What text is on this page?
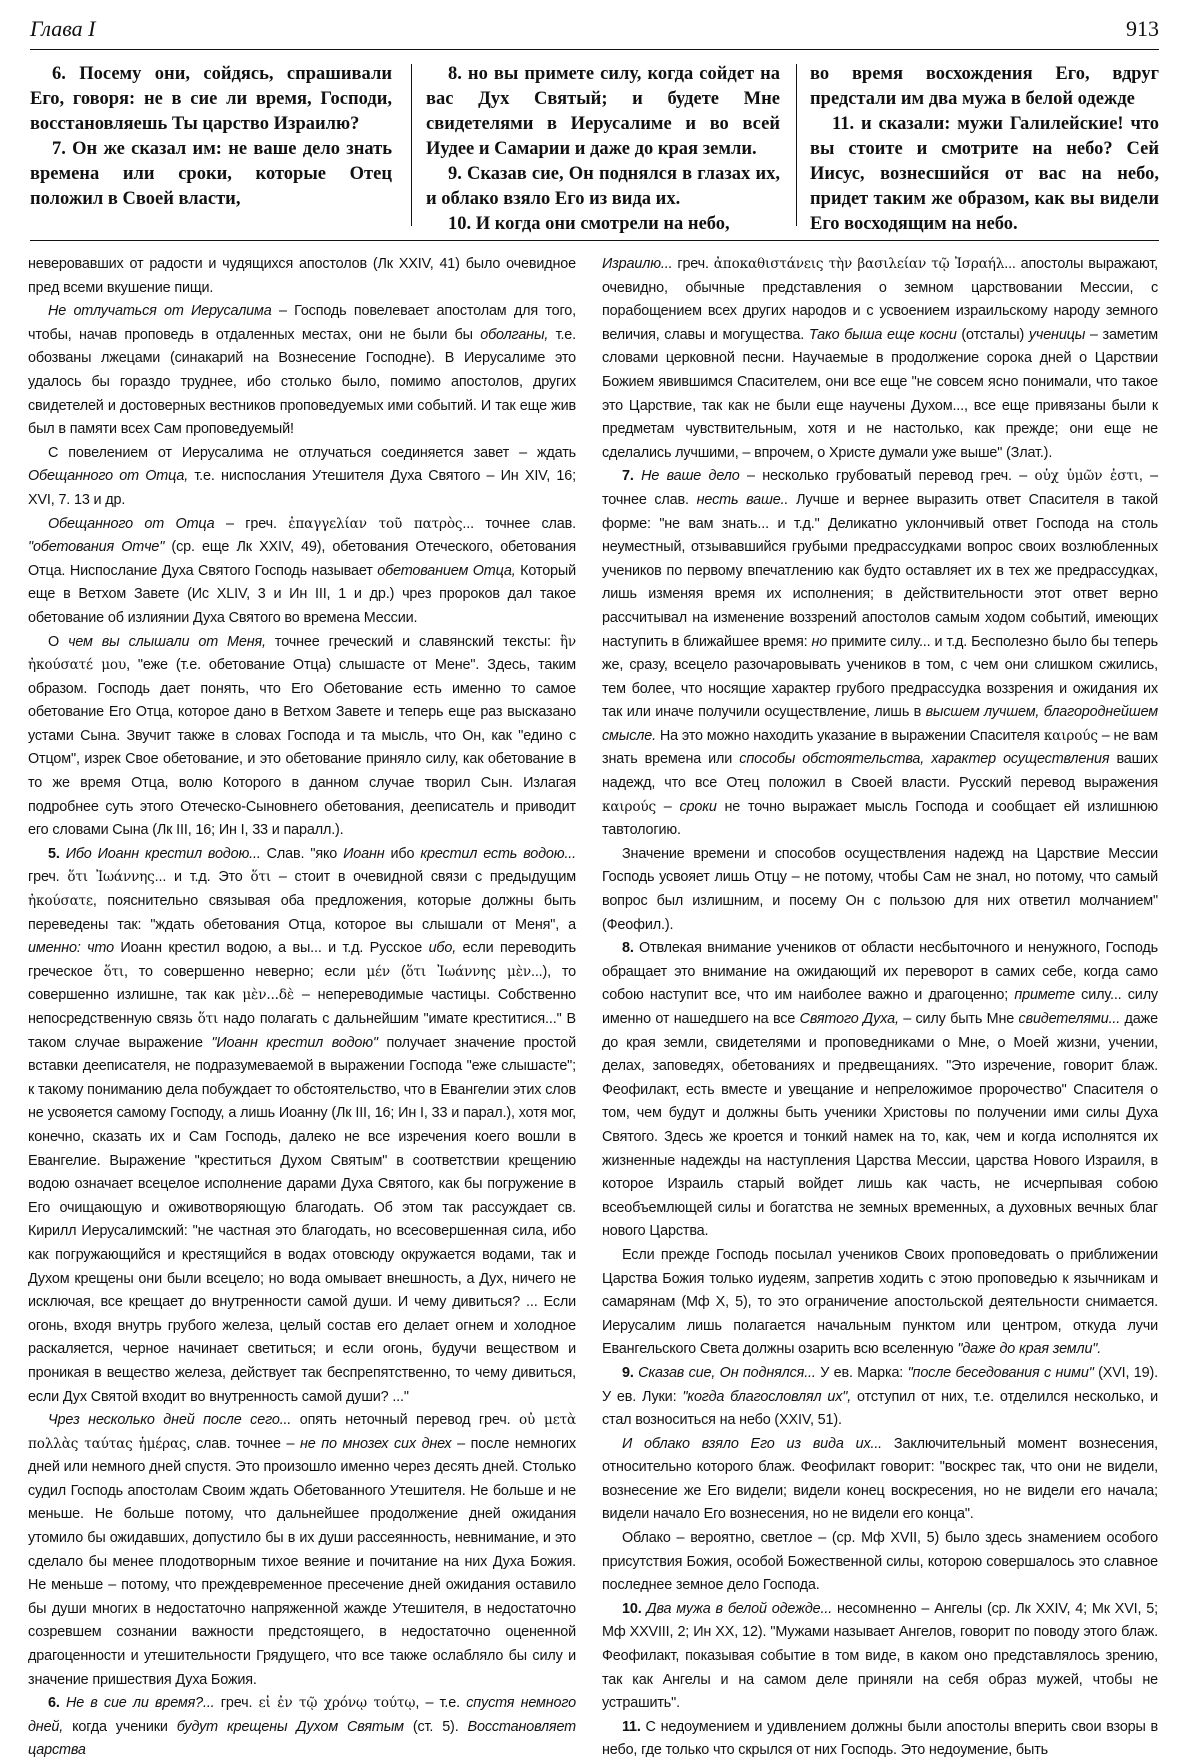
Глава I	913

6. Посему они, сойдясь, спрашивали Его, говоря: не в сие ли время, Господи, восстановляешь Ты царство Израилю?

7. Он же сказал им: не ваше дело знать времена или сроки, которые Отец положил в Своей власти,

8. но вы примете силу, когда сойдет на вас Дух Святый; и будете Мне свидетелями в Иерусалиме и во всей Иудее и Самарии и даже до края земли.

9. Сказав сие, Он поднялся в глазах их, и облако взяло Его из вида их.

10. И когда они смотрели на небо,

во время восхождения Его, вдруг предстали им два мужа в белой одежде

11. и сказали: мужи Галилейские! что вы стоите и смотрите на небо? Сей Иисус, вознесшийся от вас на небо, придет таким же образом, как вы видели Его восходящим на небо.

неверовавших от радости и чудящихся апостолов (Лк XXIV, 41) было очевидное пред всеми вкушение пищи.

Не отлучаться от Иерусалима – Господь повелевает апостолам для того, чтобы, начав проповедь в отдаленных местах, они не были бы оболганы, т.е. обозваны лжецами (синакарий на Вознесение Господне). В Иерусалиме это удалось бы гораздо труднее, ибо столько было, помимо апостолов, других свидетелей и достоверных вестников проповедуемых ими событий. И так еще жив был в памяти всех Сам проповедуемый!

С повелением от Иерусалима не отлучаться соединяется завет – ждать Обещанного от Отца, т.е. ниспослания Утешителя Духа Святого – Ин XIV, 16; XVI, 7. 13 и др.

Обещанного от Отца – греч. ἐπαγγελίαν τοῦ πατρὸς... точнее слав. "обетования Отче" (ср. еще Лк XXIV, 49), обетования Отеческого, обетования Отца. Ниспослание Духа Святого Господь называет обетованием Отца, Который еще в Ветхом Завете (Ис XLIV, 3 и Ин III, 1 и др.) чрез пророков дал такое обетование об излиянии Духа Святого во времена Мессии.

О чем вы слышали от Меня, точнее греческий и славянский тексты: ἣν ἠκούσατέ μου, "еже (т.е. обетование Отца) слышасте от Мене". Здесь, таким образом. Господь дает понять, что Его Обетование есть именно то самое обетование Его Отца, которое дано в Ветхом Завете и теперь еще раз высказано устами Сына. Звучит также в словах Господа и та мысль, что Он, как "едино с Отцом", изрек Свое обетование, и это обетование приняло силу, как обетование в то же время Отца, волю Которого в данном случае творил Сын. Излагая подробнее суть этого Отеческо-Сыновнего обетования, дееписатель и приводит его словами Сына (Лк III, 16; Ин I, 33 и паралл.).

5. Ибо Иоанн крестил водою... Слав. "яко Иоанн ибо крестил есть водою... греч. ὅτι Ἰωάννης... и т.д. Это ὅτι – стоит в очевидной связи с предыдущим ἠκούσατε, пояснительно связывая оба предложения, которые должны быть переведены так: "ждать обетования Отца, которое вы слышали от Меня", а именно: что Иоанн крестил водою, а вы... и т.д. Русское ибо, если переводить греческое ὅτι, то совершенно неверно; если μέν (ὅτι Ἰωάννης μὲν...), то совершенно излишне, так как μὲν...δὲ – непереводимые частицы. Собственно непосредственную связь ὅτι надо полагать с дальнейшим "имате креститися..." В таком случае выражение "Иоанн крестил водою" получает значение простой вставки дееписателя, не подразумеваемой в выражении Господа "еже слышасте"; к такому пониманию дела побуждает то обстоятельство, что в Евангелии этих слов не усвояется самому Господу, а лишь Иоанну (Лк III, 16; Ин I, 33 и парал.), хотя мог, конечно, сказать их и Сам Господь, далеко не все изречения коего вошли в Евангелие. Выражение "креститься Духом Святым" в соответствии крещению водою означает всецелое исполнение дарами Духа Святого, как бы погружение в Его очищающую и оживотворяющую благодать. Об этом так рассуждает св. Кирилл Иерусалимский: "не частная это благодать, но всесовершенная сила, ибо как погружающийся и крестящийся в водах отовсюду окружается водами, так и Духом крещены они были всецело; но вода омывает внешность, а Дух, ничего не исключая, все крещает до внутренности самой души. И чему дивиться? ... Если огонь, входя внутрь грубого железа, целый состав его делает огнем и холодное раскаляется, черное начинает светиться; и если огонь, будучи веществом и проникая в вещество железа, действует так беспрепятственно, то чему дивиться, если Дух Святой входит во внутренность самой души? ..."

Чрез несколько дней после сего... опять неточный перевод греч. οὐ μετὰ πολλὰς ταύτας ἡμέρας, слав. точнее – не по мнозех сих днех – после немногих дней или немного дней спустя. Это произошло именно через десять дней. Столько судил Господь апостолам Своим ждать Обетованного Утешителя. Не больше и не меньше. Не больше потому, что дальнейшее продолжение дней ожидания утомило бы ожидавших, допустило бы в их души рассеянность, невнимание, и это сделало бы менее плодотворным тихое веяние и почитание на них Духа Божия. Не меньше – потому, что преждевременное пресечение дней ожидания оставило бы души многих в недостаточно напряженной жажде Утешителя, в недостаточно созревшем сознании важности предстоящего, в недостаточно оцененной драгоценности и утешительности Грядущего, что все также ослабляло бы силу и значение пришествия Духа Божия.

6. Не в сие ли время?... греч. εἰ ἐν τῷ χρόνῳ τούτῳ, – т.е. спустя немного дней, когда ученики будут крещены Духом Святым (ст. 5). Восстановляет царства

Израилю... греч. ἀποκαθιστάνεις τὴν βασιλείαν τῷ Ἰσραήλ... апостолы выражают, очевидно, обычные представления о земном царствовании Мессии, с порабощением всех других народов и с усвоением израильскому народу земного величия, славы и могущества. Тако быша еще косни (отсталы) ученицы – заметим словами церковной песни. Научаемые в продолжение сорока дней о Царствии Божием явившимся Спасителем, они все еще "не совсем ясно понимали, что такое это Царствие, так как не были еще научены Духом..., все еще привязаны были к предметам чувствительным, хотя и не настолько, как прежде; они еще не сделались лучшими, – впрочем, о Христе думали уже выше" (Злат.).

7. Не ваше дело – несколько грубоватый перевод греч. – οὐχ ὑμῶν ἐστι, – точнее слав. несть ваше.. Лучше и вернее выразить ответ Спасителя в такой форме: "не вам знать... и т.д." Деликатно уклончивый ответ Господа на столь неуместный, отзывавшийся грубыми предрассудками вопрос своих возлюбленных учеников по первому впечатлению как будто оставляет их в тех же предрассудках, лишь изменяя время их исполнения; в действительности этот ответ верно рассчитывал на изменение воззрений апостолов самым ходом событий, имеющих наступить в ближайшее время: но примите силу... и т.д. Бесполезно было бы теперь же, сразу, всецело разочаровывать учеников в том, с чем они слишком сжились, тем более, что носящие характер грубого предрассудка воззрения и ожидания их так или иначе получили осуществление, лишь в высшем лучшем, благороднейшем смысле. На это можно находить указание в выражении Спасителя καιρούς – не вам знать времена или способы обстоятельства, характер осуществления ваших надежд, что все Отец положил в Своей власти. Русский перевод выражения καιρούς – сроки не точно выражает мысль Господа и сообщает ей излишнюю тавтологию.

Значение времени и способов осуществления надежд на Царствие Мессии Господь усвояет лишь Отцу – не потому, чтобы Сам не знал, но потому, что самый вопрос был излишним, и посему Он с пользою для них ответил молчанием" (Феофил.).

8. Отвлекая внимание учеников от области несбыточного и ненужного, Господь обращает это внимание на ожидающий их переворот в самих себе, когда само собою наступит все, что им наиболее важно и драгоценно; примете силу... силу именно от нашедшего на все Святого Духа, – силу быть Мне свидетелями... даже до края земли, свидетелями и проповедниками о Мне, о Моей жизни, учении, делах, заповедях, обетованиях и предвещаниях. "Это изречение, говорит блаж. Феофилакт, есть вместе и увещание и непреложимое пророчество" Спасителя о том, чем будут и должны быть ученики Христовы по получении ими силы Духа Святого. Здесь же кроется и тонкий намек на то, как, чем и когда исполнятся их жизненные надежды на наступления Царства Мессии, царства Нового Израиля, в которое Израиль старый войдет лишь как часть, не исчерпывая собою всеобъемлющей силы и богатства не земных временных, а духовных вечных благ нового Царства.

Если прежде Господь посылал учеников Своих проповедовать о приближении Царства Божия только иудеям, запретив ходить с этою проповедью к язычникам и самарянам (Мф X, 5), то это ограничение апостольской деятельности снимается. Иерусалим лишь полагается начальным пунктом или центром, откуда лучи Евангельского Света должны озарить всю вселенную "даже до края земли".

9. Сказав сие, Он поднялся... У ев. Марка: "после беседования с ними" (XVI, 19). У ев. Луки: "когда благословлял их", отступил от них, т.е. отделился несколько, и стал возноситься на небо (XXIV, 51).

И облако взяло Его из вида их... Заключительный момент вознесения, относительно которого блаж. Феофилакт говорит: "воскрес так, что они не видели, вознесение же Его видели; видели конец воскресения, но не видели его начала; видели начало Его вознесения, но не видели его конца".

Облако – вероятно, светлое – (ср. Мф XVII, 5) было здесь знамением особого присутствия Божия, особой Божественной силы, которою совершалось это славное последнее земное дело Господа.

10. Два мужа в белой одежде... несомненно – Ангелы (ср. Лк XXIV, 4; Мк XVI, 5; Мф XXVIII, 2; Ин XX, 12). "Мужами называет Ангелов, говорит по поводу этого блаж. Феофилакт, показывая событие в том виде, в каком оно представлялось зрению, так как Ангелы и на самом деле приняли на себя образ мужей, чтобы не устрашить".

11. С недоумением и удивлением должны были апостолы вперить свои взоры в небо, где только что скрылся от них Господь. Это недоумение, быть
